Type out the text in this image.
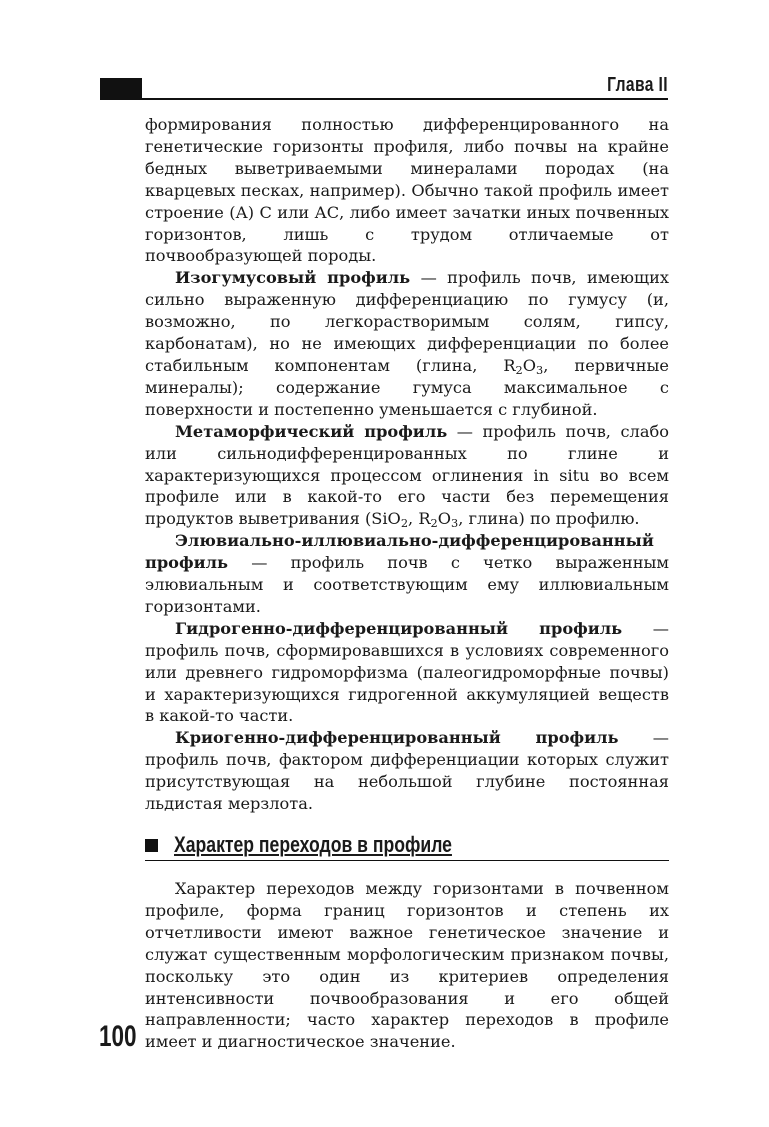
Глава II

формирования полностью дифференцированного на генетические горизонты профиля, либо почвы на крайне бедных выветриваемыми минералами породах (на кварцевых песках, например). Обычно такой профиль имеет строение (А) С или АС, либо имеет зачатки иных почвенных горизонтов, лишь с трудом отличаемые от почвообразующей породы.

Изогумусовый профиль — профиль почв, имеющих сильно выраженную дифференциацию по гумусу (и, возможно, по легкорастворимым солям, гипсу, карбонатам), но не имеющих дифференциации по более стабильным компонентам (глина, $R_2O_3$, первичные минералы); содержание гумуса максимальное с поверхности и постепенно уменьшается с глубиной.

Метаморфический профиль — профиль почв, слабо или сильнодифференцированных по глине и характеризующихся процессом оглинения in situ во всем профиле или в какой-то его части без перемещения продуктов выветривания (SiO$_2$, $R_2O_3$, глина) по профилю.

Элювиально-иллювиально-дифференцированный профиль — профиль почв с четко выраженным элювиальным и соответствующим ему иллювиальным горизонтами.

Гидрогенно-дифференцированный профиль — профиль почв, сформировавшихся в условиях современного или древнего гидроморфизма (палеогидроморфные почвы) и характеризующихся гидрогенной аккумуляцией веществ в какой-то части.

Криогенно-дифференцированный профиль — профиль почв, фактором дифференциации которых служит присутствующая на небольшой глубине постоянная льдистая мерзлота.

Характер переходов в профиле

Характер переходов между горизонтами в почвенном профиле, форма границ горизонтов и степень их отчетливости имеют важное генетическое значение и служат существенным морфологическим признаком почвы, поскольку это один из критериев определения интенсивности почвообразования и его общей направленности; часто характер переходов в профиле имеет и диагностическое значение.

100
